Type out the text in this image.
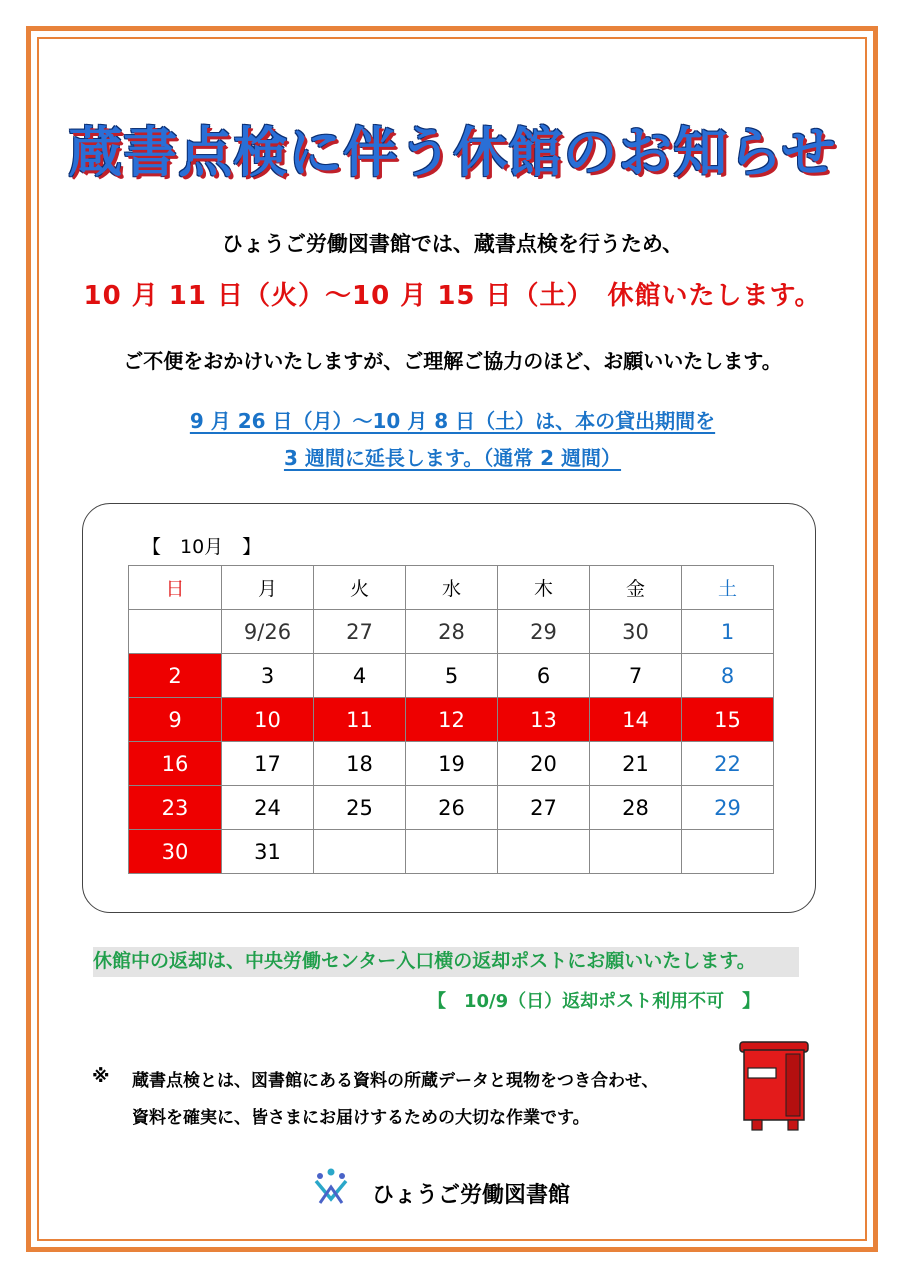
蔵書点検に伴う休館のお知らせ
ひょうご労働図書館では、蔵書点検を行うため、
10 月 11 日（火）～10 月 15 日（土）　休館いたします。
ご不便をおかけいたしますが、ご理解ご協力のほど、お願いいたします。
9 月 26 日（月）～10 月 8 日（土）は、本の貸出期間を
3 週間に延長します。（通常 2 週間）
【　10月　】
日	月	火	水	木	金	土
	9/26	27	28	29	30	1
2	3	4	5	6	7	8
9	10	11	12	13	14	15
16	17	18	19	20	21	22
23	24	25	26	27	28	29
30	31					
休館中の返却は、中央労働センター入口横の返却ポストにお願いいたします。
【　10/9（日）返却ポスト利用不可　】
※ 蔵書点検とは、図書館にある資料の所蔵データと現物をつき合わせ、
資料を確実に、皆さまにお届けするための大切な作業です。
ひょうご労働図書館
